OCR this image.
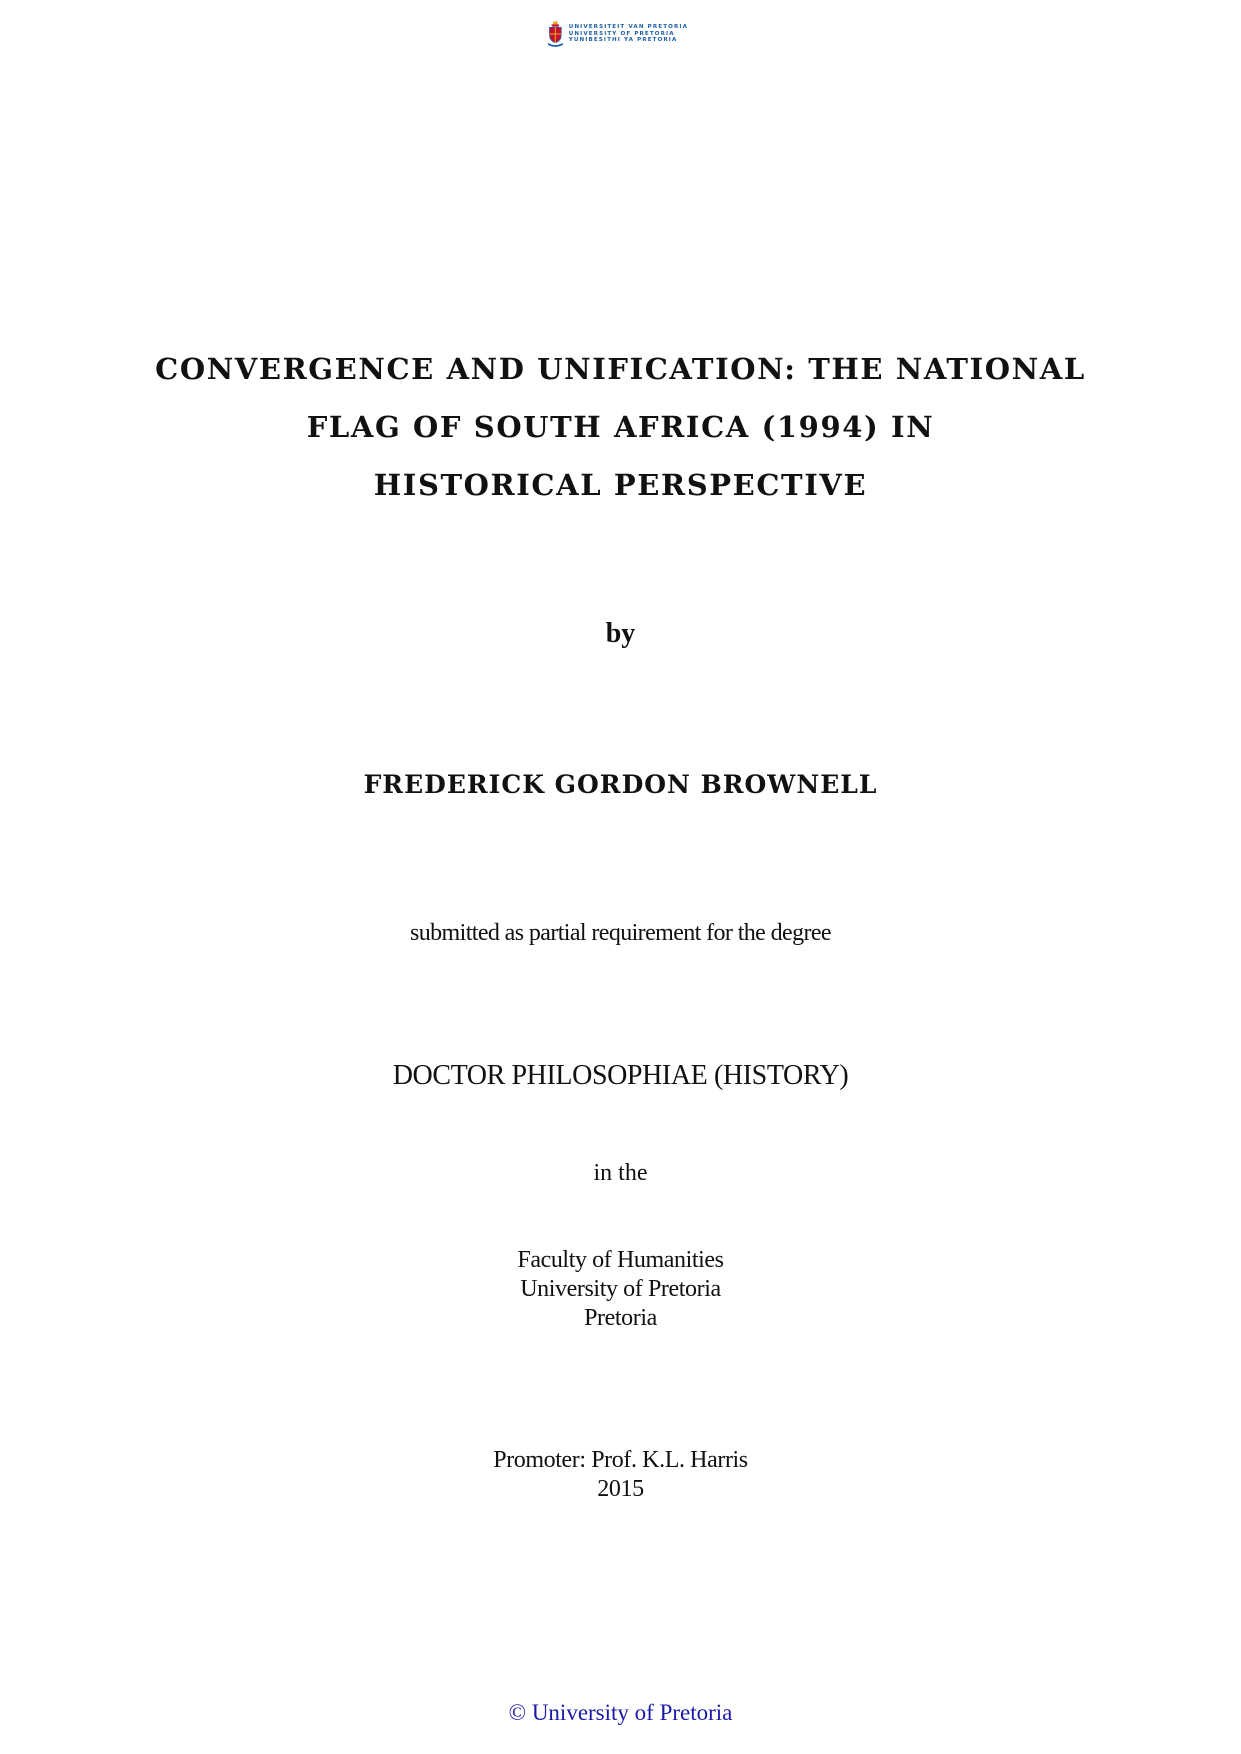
UNIVERSITEIT VAN PRETORIA
UNIVERSITY OF PRETORIA
YUNIBESITHI YA PRETORIA
CONVERGENCE AND UNIFICATION: THE NATIONAL
FLAG OF SOUTH AFRICA (1994) IN
HISTORICAL PERSPECTIVE
by
FREDERICK GORDON BROWNELL
submitted as partial requirement for the degree
DOCTOR PHILOSOPHIAE (HISTORY)
in the
Faculty of Humanities
University of Pretoria
Pretoria
Promoter: Prof. K.L. Harris
2015
© University of Pretoria
